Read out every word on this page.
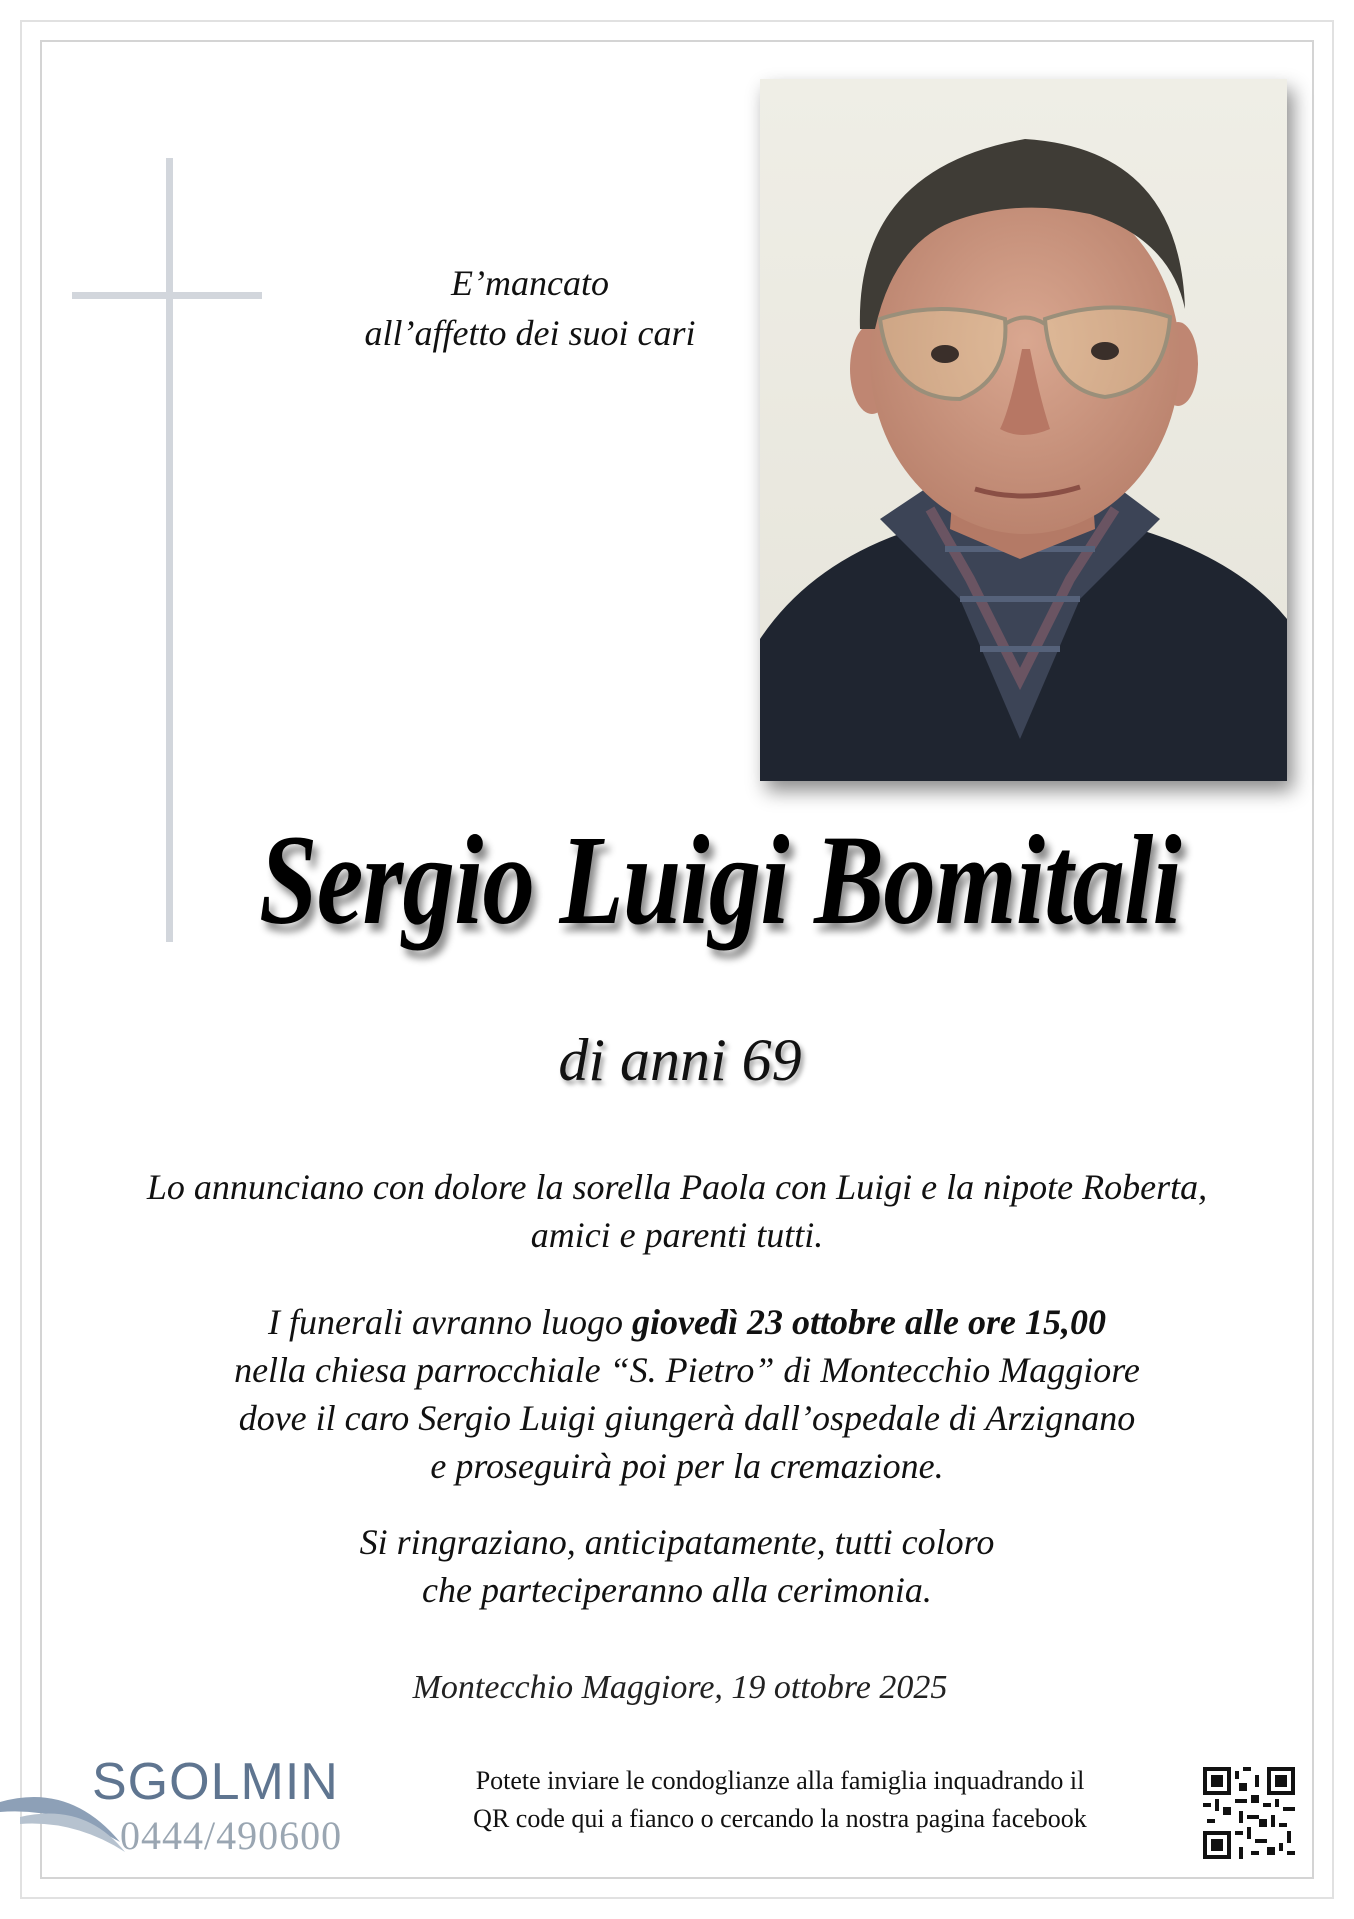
E’mancato
all’affetto dei suoi cari
Sergio Luigi Bomitali
di anni 69
Lo annunciano con dolore la sorella Paola con Luigi e la nipote Roberta,
amici e parenti tutti.
I funerali avranno luogo giovedì 23 ottobre alle ore 15,00
nella chiesa parrocchiale “S. Pietro” di Montecchio Maggiore
dove il caro Sergio Luigi giungerà dall’ospedale di Arzignano
e proseguirà poi per la cremazione.
Si ringraziano, anticipatamente, tutti coloro
che parteciperanno alla cerimonia.
Montecchio Maggiore, 19 ottobre 2025
SGOLMIN
0444/490600
Potete inviare le condoglianze alla famiglia inquadrando il
QR code qui a fianco o cercando la nostra pagina facebook
